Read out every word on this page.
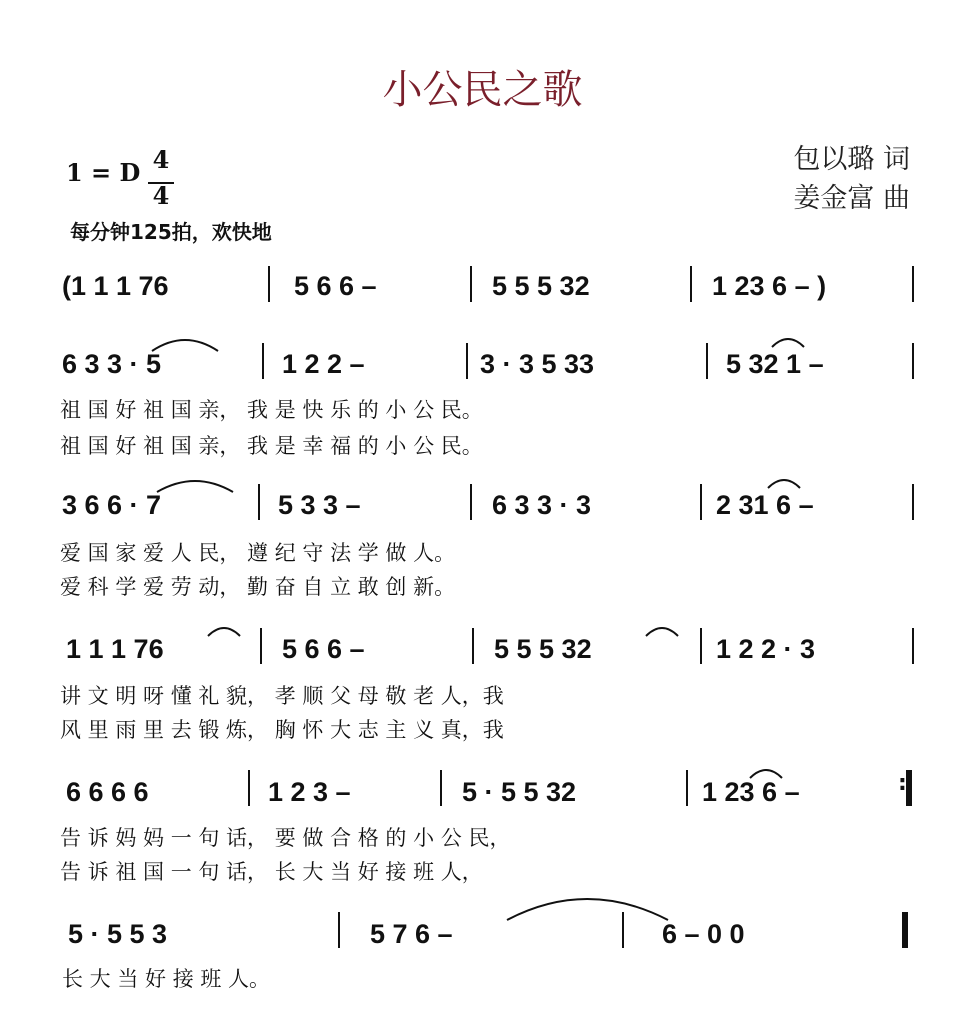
小公民之歌
包以璐 词
姜金富 曲
1 = D 4
4
每分钟125拍，欢快地
(1 1 1 76	5 6 6 –	5 5 5 32	1 23 6 – )
6 3 3 · 5	1 2 2 –	3 · 3 5 33	5 32 1 –
祖 国 好 祖 国 亲， 我 是 快 乐 的 小 公 民。
祖 国 好 祖 国 亲， 我 是 幸 福 的 小 公 民。
3 6 6 · 7	5 3 3 –	6 3 3 · 3	2 31 6 –
爱 国 家 爱 人 民， 遵 纪 守 法 学 做 人。
爱 科 学 爱 劳 动， 勤 奋 自 立 敢 创 新。
1 1 1 76	5 6 6 –	5 5 5 32	1 2 2 · 3
讲 文 明 呀 懂 礼 貌， 孝 顺 父 母 敬 老 人，我
风 里 雨 里 去 锻 炼， 胸 怀 大 志 主 义 真，我
6 6 6 6	1 2 3 –	5 · 5 5 32	1 23 6 –	:

告 诉 妈 妈 一 句 话， 要 做 合 格 的 小 公 民，
告 诉 祖 国 一 句 话， 长 大 当 好 接 班 人，
5 · 5 5 3	5 7 6 –	6 – 0 0
长 大 当 好 接 班 人。
